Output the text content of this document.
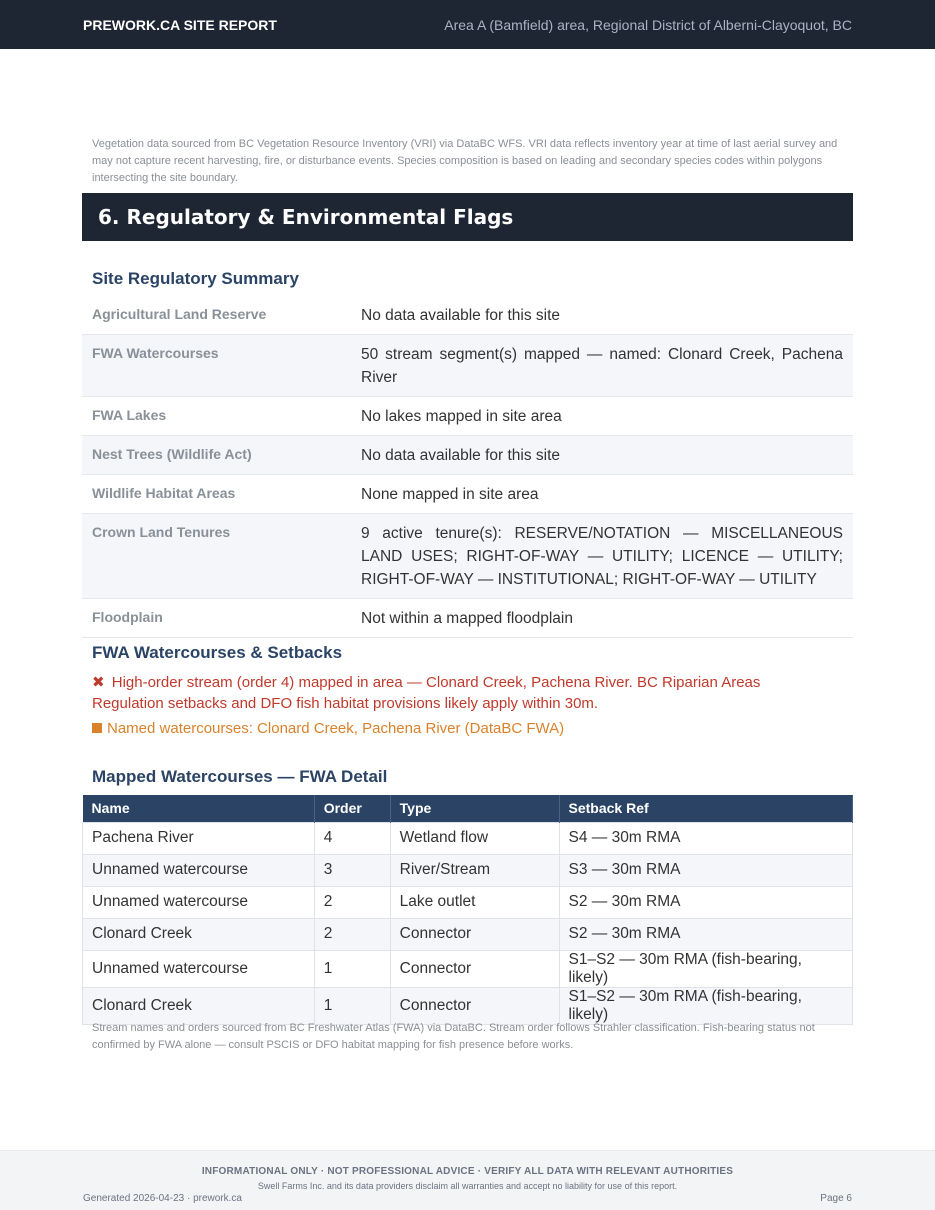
PREWORK.CA SITE REPORT	Area A (Bamfield) area, Regional District of Alberni-Clayoquot, BC

Vegetation data sourced from BC Vegetation Resource Inventory (VRI) via DataBC WFS. VRI data reflects inventory year at time of last aerial survey and may not capture recent harvesting, fire, or disturbance events. Species composition is based on leading and secondary species codes within polygons intersecting the site boundary.

6. Regulatory & Environmental Flags
Site Regulatory Summary
Agricultural Land Reserve	No data available for this site
FWA Watercourses	50 stream segment(s) mapped — named: Clonard Creek, Pachena River
FWA Lakes	No lakes mapped in site area
Nest Trees (Wildlife Act)	No data available for this site
Wildlife Habitat Areas	None mapped in site area
Crown Land Tenures	9 active tenure(s): RESERVE/NOTATION — MISCELLANEOUS LAND USES; RIGHT-OF-WAY — UTILITY; LICENCE — UTILITY; RIGHT-OF-WAY — INSTITUTIONAL; RIGHT-OF-WAY — UTILITY
Floodplain	Not within a mapped floodplain
FWA Watercourses & Setbacks
✖ High-order stream (order 4) mapped in area — Clonard Creek, Pachena River. BC Riparian Areas Regulation setbacks and DFO fish habitat provisions likely apply within 30m.
Named watercourses: Clonard Creek, Pachena River (DataBC FWA)
Mapped Watercourses — FWA Detail
Name	Order	Type	Setback Ref
Pachena River	4	Wetland flow	S4 — 30m RMA
Unnamed watercourse	3	River/Stream	S3 — 30m RMA
Unnamed watercourse	2	Lake outlet	S2 — 30m RMA
Clonard Creek	2	Connector	S2 — 30m RMA
Unnamed watercourse	1	Connector	S1–S2 — 30m RMA (fish-bearing, likely)
Clonard Creek	1	Connector	S1–S2 — 30m RMA (fish-bearing, likely)

Stream names and orders sourced from BC Freshwater Atlas (FWA) via DataBC. Stream order follows Strahler classification. Fish-bearing status not confirmed by FWA alone — consult PSCIS or DFO habitat mapping for fish presence before works.

INFORMATIONAL ONLY · NOT PROFESSIONAL ADVICE · VERIFY ALL DATA WITH RELEVANT AUTHORITIES
Swell Farms Inc. and its data providers disclaim all warranties and accept no liability for use of this report.
Generated 2026-04-23 · prework.ca	Page 6
